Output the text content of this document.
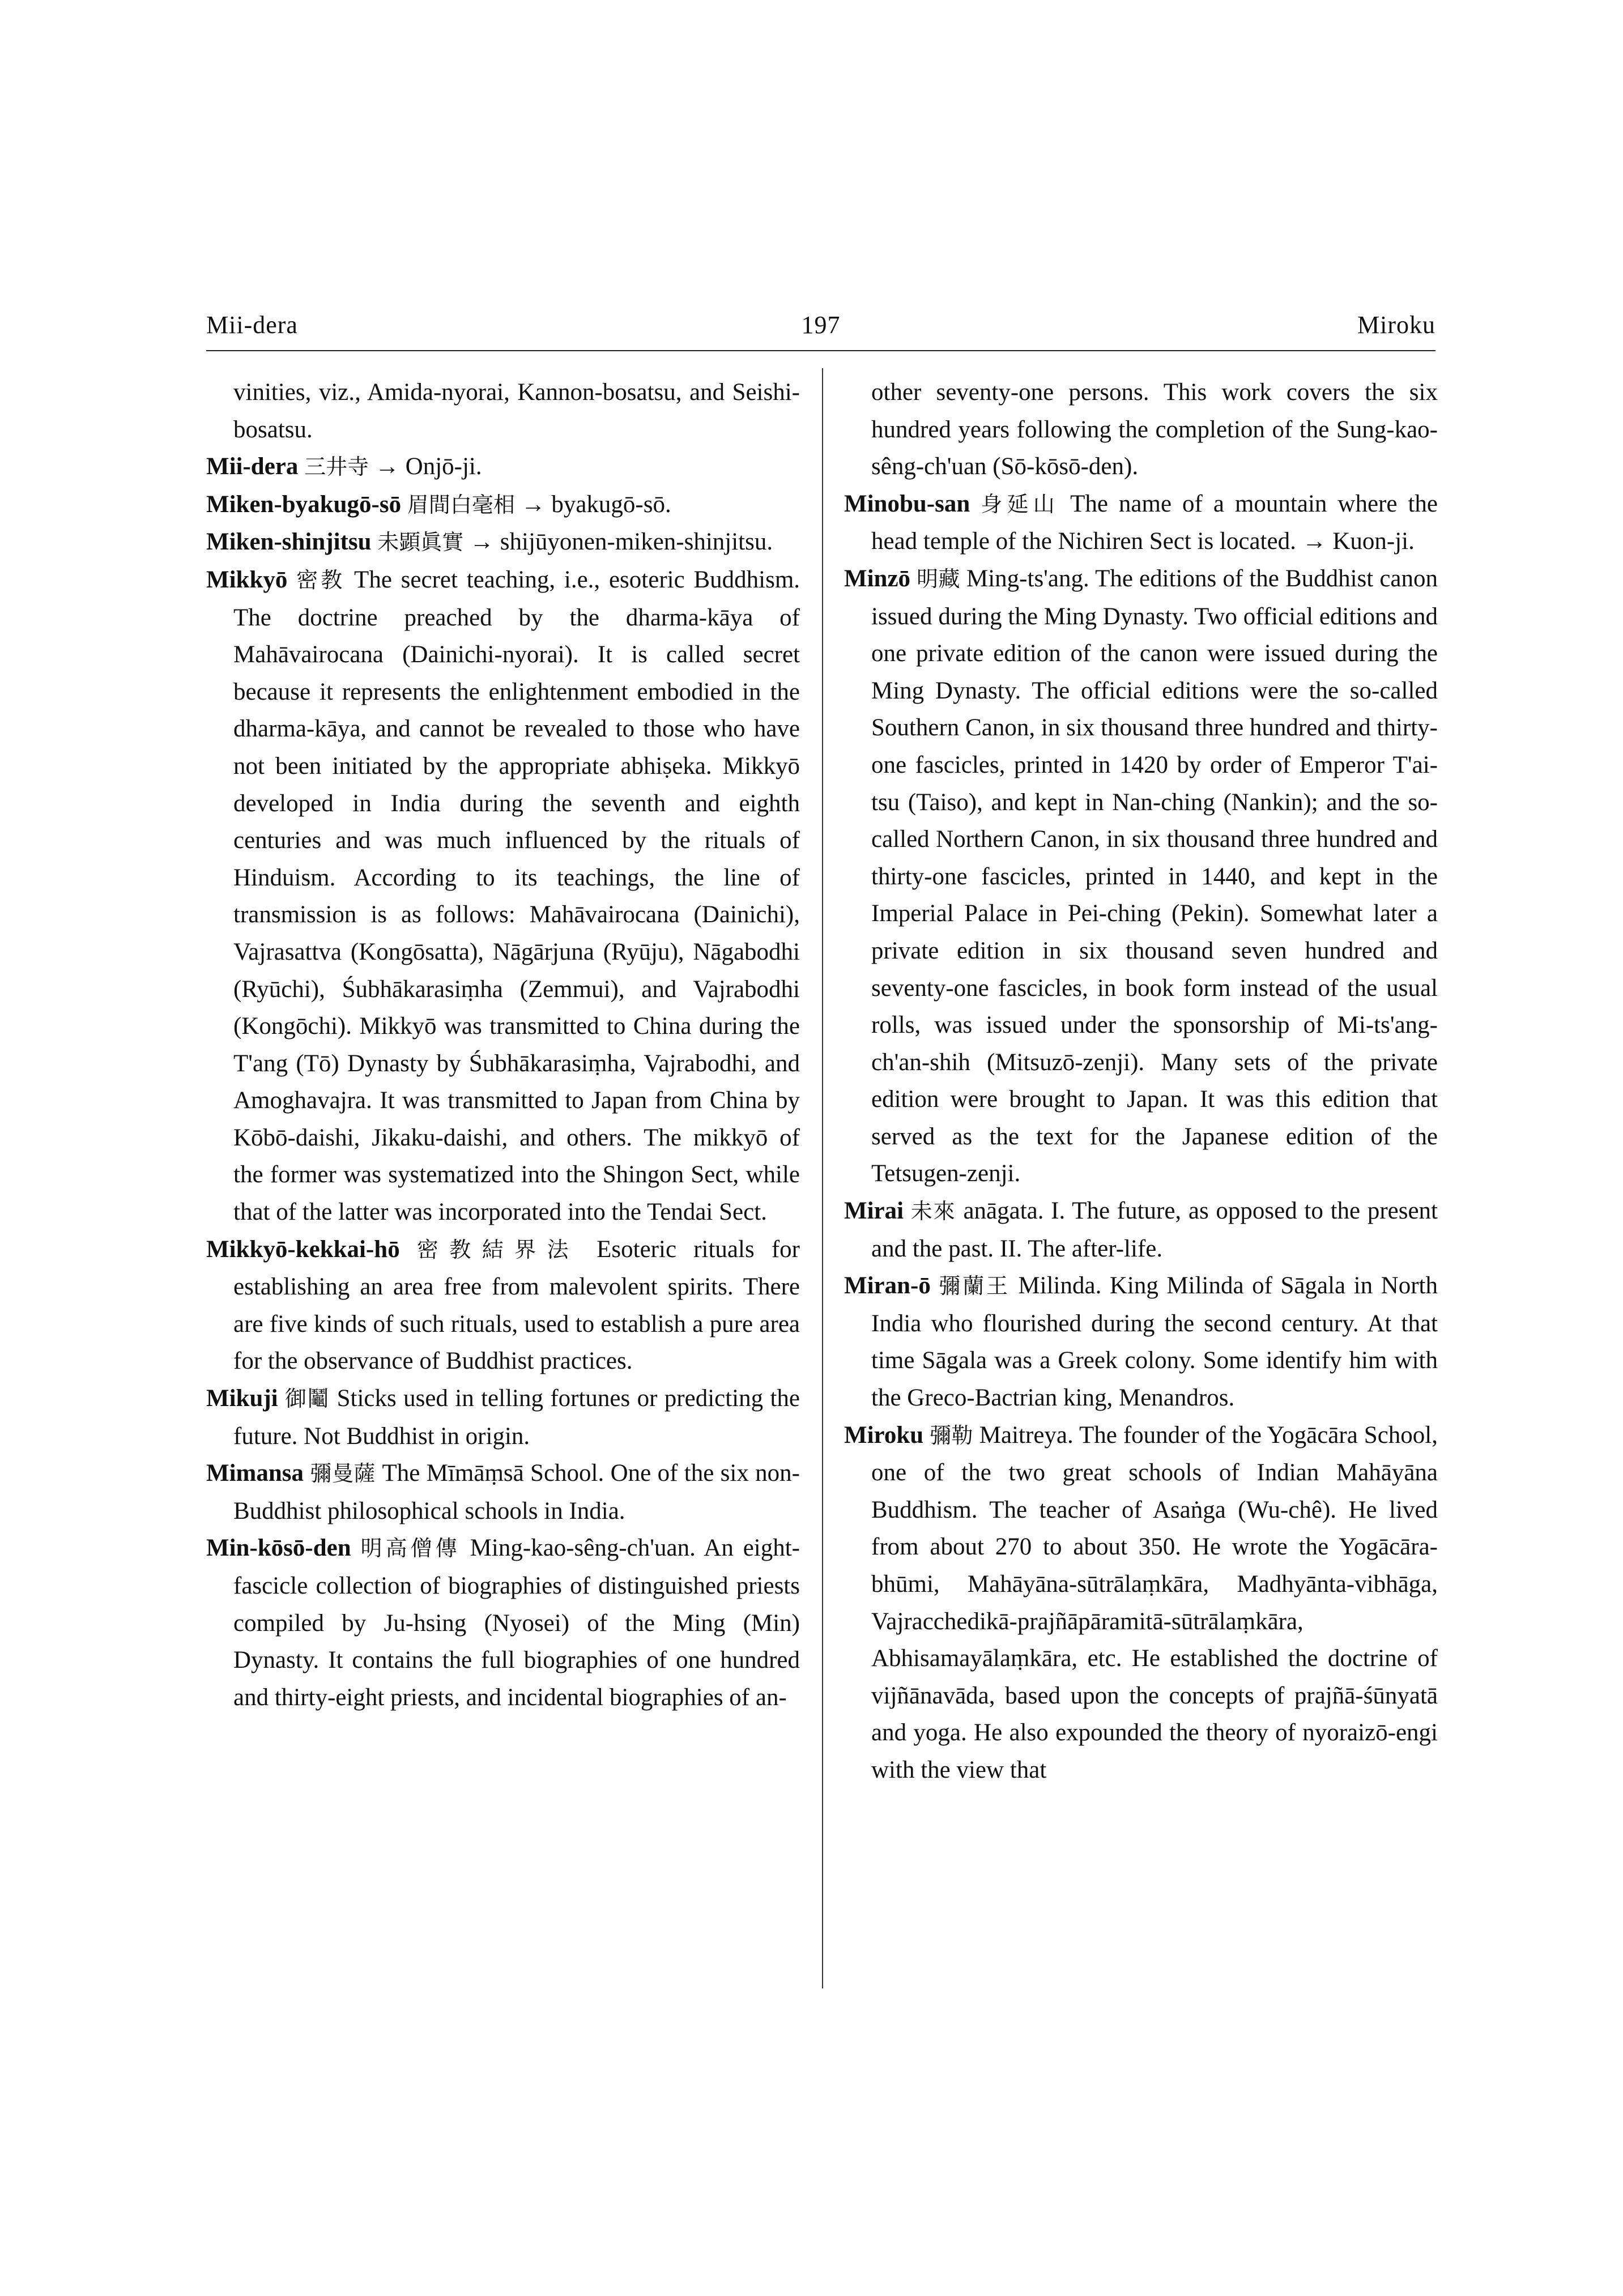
Mii-dera	197	Miroku

vinities, viz., Amida-nyorai, Kannon-bosatsu, and Seishi-bosatsu.

Mii-dera 三井寺 → Onjō-ji.

Miken-byakugō-sō 眉間白毫相 → byakugō-sō.

Miken-shinjitsu 未顕眞實 → shijūyonen-miken-shinjitsu.

Mikkyō 密教 The secret teaching, i.e., esoteric Buddhism. The doctrine preached by the dharma-kāya of Mahāvairocana (Dainichi-nyorai). It is called secret because it represents the enlightenment embodied in the dharma-kāya, and cannot be revealed to those who have not been initiated by the appropriate abhiṣeka. Mikkyō developed in India during the seventh and eighth centuries and was much influenced by the rituals of Hinduism. According to its teachings, the line of transmission is as follows: Mahāvairocana (Dainichi), Vajrasattva (Kongōsatta), Nāgārjuna (Ryūju), Nāgabodhi (Ryūchi), Śubhākarasiṃha (Zemmui), and Vajrabodhi (Kongōchi). Mikkyō was transmitted to China during the T'ang (Tō) Dynasty by Śubhākarasiṃha, Vajrabodhi, and Amoghavajra. It was transmitted to Japan from China by Kōbō-daishi, Jikaku-daishi, and others. The mikkyō of the former was systematized into the Shingon Sect, while that of the latter was incorporated into the Tendai Sect.

Mikkyō-kekkai-hō 密教結界法 Esoteric rituals for establishing an area free from malevolent spirits. There are five kinds of such rituals, used to establish a pure area for the observance of Buddhist practices.

Mikuji 御鬮 Sticks used in telling fortunes or predicting the future. Not Buddhist in origin.

Mimansa 彌曼薩 The Mīmāṃsā School. One of the six non-Buddhist philosophical schools in India.

Min-kōsō-den 明高僧傳 Ming-kao-sêng-ch'uan. An eight-fascicle collection of biographies of distinguished priests compiled by Ju-hsing (Nyosei) of the Ming (Min) Dynasty. It contains the full biographies of one hundred and thirty-eight priests, and incidental biographies of an-

other seventy-one persons. This work covers the six hundred years following the completion of the Sung-kao-sêng-ch'uan (Sō-kōsō-den).

Minobu-san 身延山 The name of a mountain where the head temple of the Nichiren Sect is located. → Kuon-ji.

Minzō 明藏 Ming-ts'ang. The editions of the Buddhist canon issued during the Ming Dynasty. Two official editions and one private edition of the canon were issued during the Ming Dynasty. The official editions were the so-called Southern Canon, in six thousand three hundred and thirty-one fascicles, printed in 1420 by order of Emperor T'ai-tsu (Taiso), and kept in Nan-ching (Nankin); and the so-called Northern Canon, in six thousand three hundred and thirty-one fascicles, printed in 1440, and kept in the Imperial Palace in Pei-ching (Pekin). Somewhat later a private edition in six thousand seven hundred and seventy-one fascicles, in book form instead of the usual rolls, was issued under the sponsorship of Mi-ts'ang-ch'an-shih (Mitsuzō-zenji). Many sets of the private edition were brought to Japan. It was this edition that served as the text for the Japanese edition of the Tetsugen-zenji.

Mirai 未來 anāgata. I. The future, as opposed to the present and the past. II. The after-life.

Miran-ō 彌蘭王 Milinda. King Milinda of Sāgala in North India who flourished during the second century. At that time Sāgala was a Greek colony. Some identify him with the Greco-Bactrian king, Menandros.

Miroku 彌勒 Maitreya. The founder of the Yogācāra School, one of the two great schools of Indian Mahāyāna Buddhism. The teacher of Asaṅga (Wu-chê). He lived from about 270 to about 350. He wrote the Yogācāra-bhūmi, Mahāyāna-sūtrālaṃkāra, Madhyānta-vibhāga, Vajracchedikā-prajñāpāramitā-sūtrālaṃkāra, Abhisamayālaṃkāra, etc. He established the doctrine of vijñānavāda, based upon the concepts of prajñā-śūnyatā and yoga. He also expounded the theory of nyoraizō-engi with the view that
